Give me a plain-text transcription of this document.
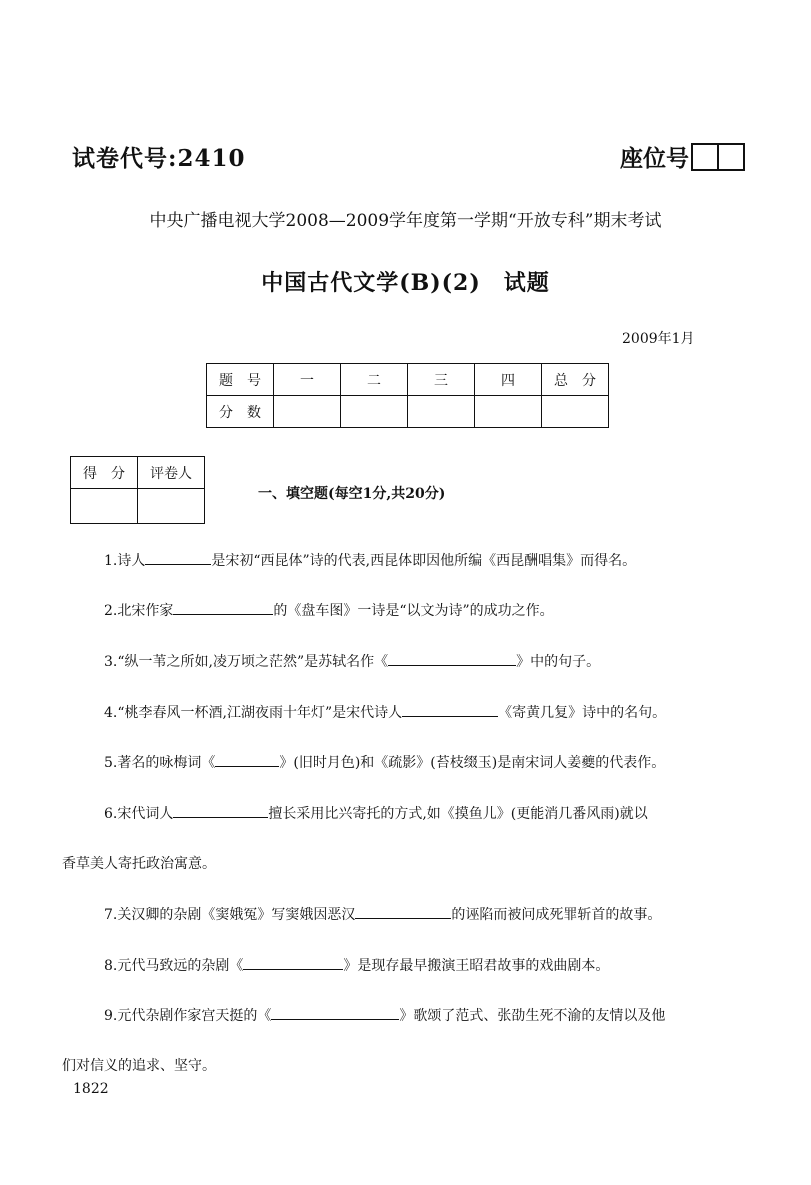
试卷代号:2410	座位号
中央广播电视大学2008—2009学年度第一学期“开放专科”期末考试
中国古代文学(B)(2)　试题
2009年1月
题　号	一	二	三	四	总　分
分　数					
得　分	评卷人

一、填空题(每空1分,共20分)
1.诗人	是宋初“西昆体”诗的代表,西昆体即因他所编《西昆酬唱集》而得名。
2.北宋作家	的《盘车图》一诗是“以文为诗”的成功之作。
3.“纵一苇之所如,凌万顷之茫然”是苏轼名作《	》中的句子。
4.“桃李春风一杯酒,江湖夜雨十年灯”是宋代诗人	《寄黄几复》诗中的名句。
5.著名的咏梅词《	》(旧时月色)和《疏影》(苔枝缀玉)是南宋词人姜夔的代表作。
6.宋代词人	擅长采用比兴寄托的方式,如《摸鱼儿》(更能消几番风雨)就以
香草美人寄托政治寓意。
7.关汉卿的杂剧《窦娥冤》写窦娥因恶汉	的诬陷而被问成死罪斩首的故事。
8.元代马致远的杂剧《	》是现存最早搬演王昭君故事的戏曲剧本。
9.元代杂剧作家宫天挺的《	》歌颂了范式、张劭生死不渝的友情以及他
们对信义的追求、坚守。
1822
